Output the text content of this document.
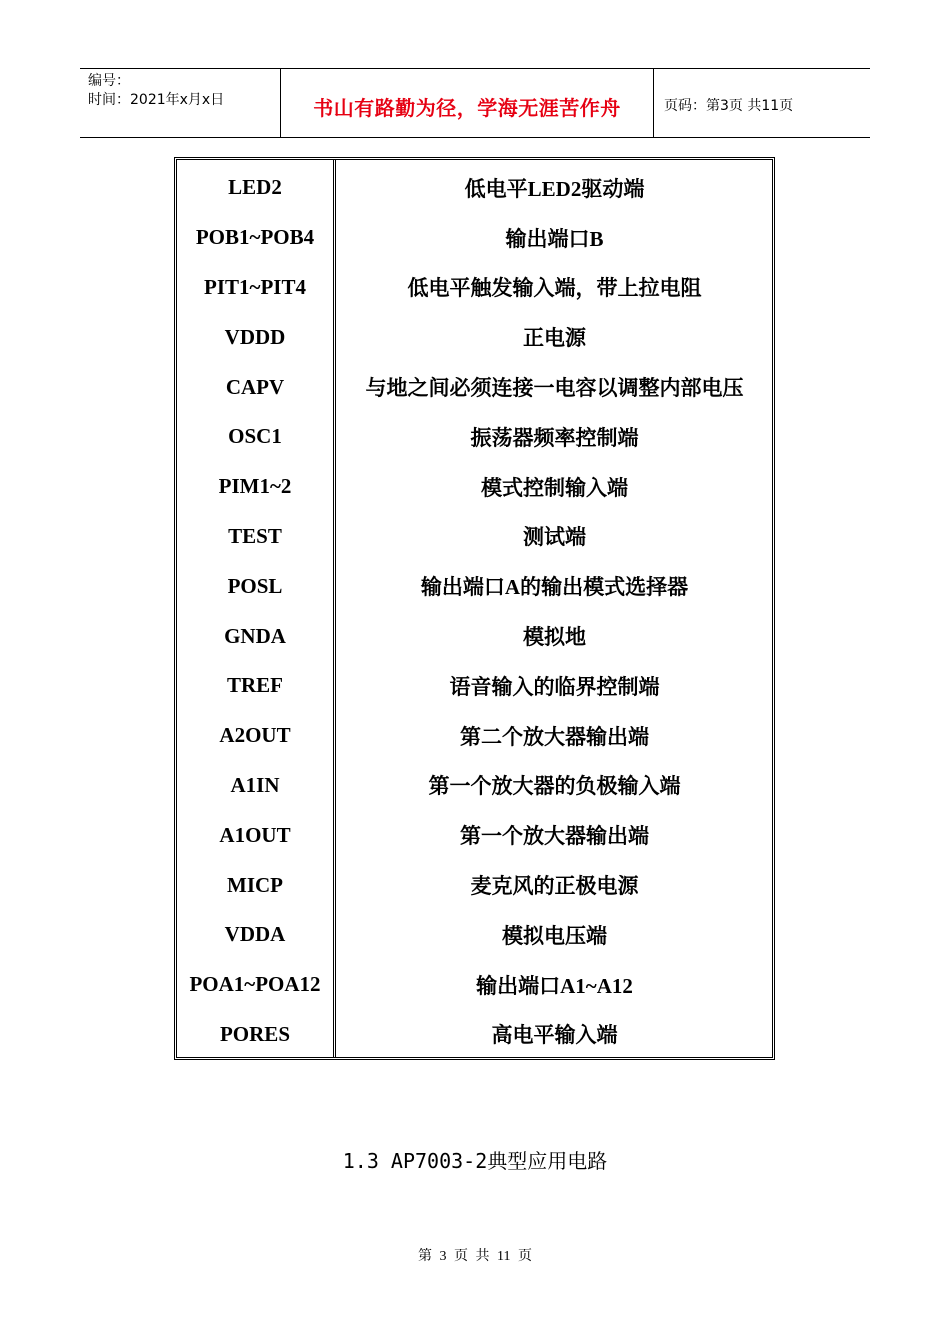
编号：
时间：2021年x月x日	书山有路勤为径，学海无涯苦作舟	页码：第3页 共11页
LED2	低电平LED2驱动端
POB1~POB4	输出端口B
PIT1~PIT4	低电平触发输入端，带上拉电阻
VDDD	正电源
CAPV	与地之间必须连接一电容以调整内部电压
OSC1	振荡器频率控制端
PIM1~2	模式控制输入端
TEST	测试端
POSL	输出端口A的输出模式选择器
GNDA	模拟地
TREF	语音输入的临界控制端
A2OUT	第二个放大器输出端
A1IN	第一个放大器的负极输入端
A1OUT	第一个放大器输出端
MICP	麦克风的正极电源
VDDA	模拟电压端
POA1~POA12	输出端口A1~A12
PORES	高电平输入端
1.3 AP7003-2典型应用电路
第 3 页 共 11 页
